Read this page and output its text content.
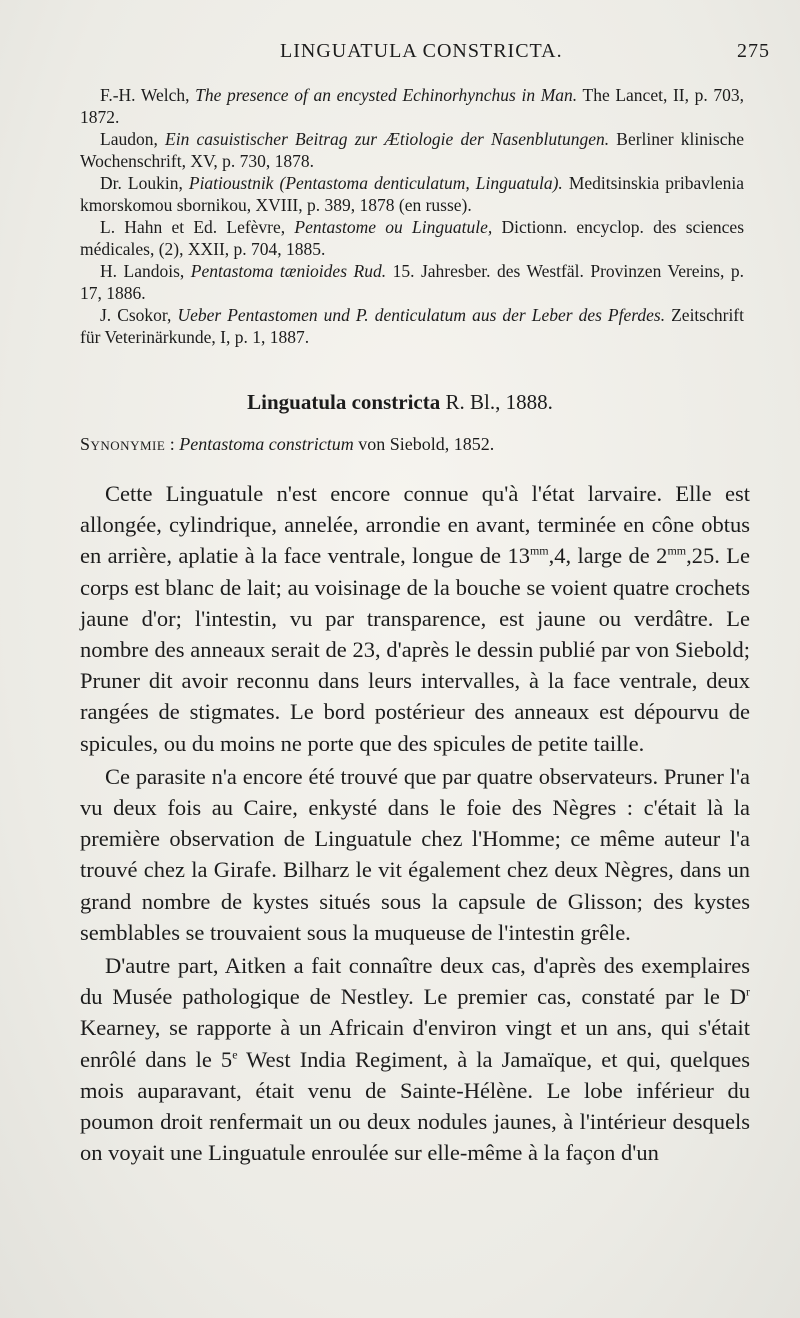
LINGUATULA CONSTRICTA.	275

F.-H. Welch, The presence of an encysted Echinorhynchus in Man. The Lancet, II, p. 703, 1872.

Laudon, Ein casuistischer Beitrag zur Ætiologie der Nasenblutungen. Berliner klinische Wochenschrift, XV, p. 730, 1878.

Dr. Loukin, Piatioustnik (Pentastoma denticulatum, Linguatula). Meditsinskia pribavlenia kmorskomou sbornikou, XVIII, p. 389, 1878 (en russe).

L. Hahn et Ed. Lefèvre, Pentastome ou Linguatule, Dictionn. encyclop. des sciences médicales, (2), XXII, p. 704, 1885.

H. Landois, Pentastoma tænioides Rud. 15. Jahresber. des Westfäl. Provinzen Vereins, p. 17, 1886.

J. Csokor, Ueber Pentastomen und P. denticulatum aus der Leber des Pferdes. Zeitschrift für Veterinärkunde, I, p. 1, 1887.

Linguatula constricta R. Bl., 1888.
Synonymie : Pentastoma constrictum von Siebold, 1852.

Cette Linguatule n'est encore connue qu'à l'état larvaire. Elle est allongée, cylindrique, annelée, arrondie en avant, terminée en cône obtus en arrière, aplatie à la face ventrale, longue de $13^{mm},4$, large de $2^{mm},25$. Le corps est blanc de lait; au voisinage de la bouche se voient quatre crochets jaune d'or; l'intestin, vu par transparence, est jaune ou verdâtre. Le nombre des anneaux serait de 23, d'après le dessin publié par von Siebold; Pruner dit avoir reconnu dans leurs intervalles, à la face ventrale, deux rangées de stigmates. Le bord postérieur des anneaux est dépourvu de spicules, ou du moins ne porte que des spicules de petite taille.

Ce parasite n'a encore été trouvé que par quatre observateurs. Pruner l'a vu deux fois au Caire, enkysté dans le foie des Nègres : c'était là la première observation de Linguatule chez l'Homme; ce même auteur l'a trouvé chez la Girafe. Bilharz le vit également chez deux Nègres, dans un grand nombre de kystes situés sous la capsule de Glisson; des kystes semblables se trouvaient sous la muqueuse de l'intestin grêle.

D'autre part, Aitken a fait connaître deux cas, d'après des exemplaires du Musée pathologique de Nestley. Le premier cas, constaté par le $D^r$ Kearney, se rapporte à un Africain d'environ vingt et un ans, qui s'était enrôlé dans le 5e West India Regiment, à la Jamaïque, et qui, quelques mois auparavant, était venu de Sainte-Hélène. Le lobe inférieur du poumon droit renfermait un ou deux nodules jaunes, à l'intérieur desquels on voyait une Linguatule enroulée sur elle-même à la façon d'un
